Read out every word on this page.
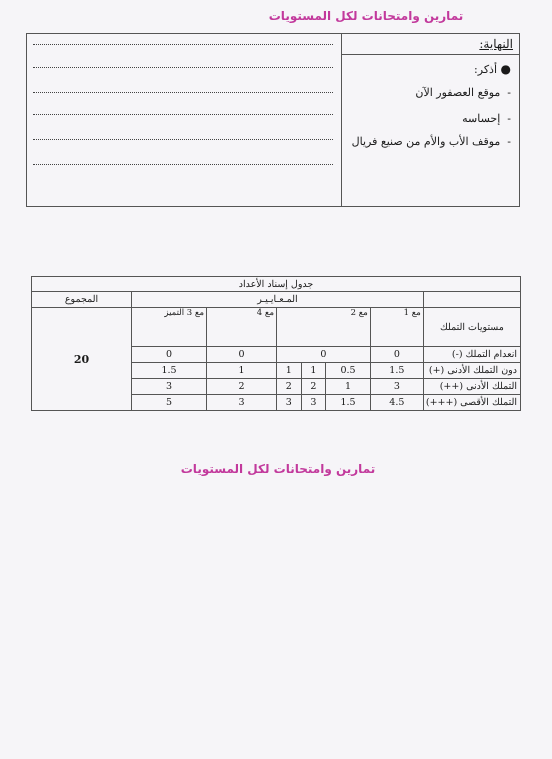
تمارين وامتحانات لكل المستويات
النهاية:
● أذكر:
-  موقع العصفور الآن
-  إحساسه
-  موقف الأب والأم من صنيع فريال
جدول إسناد الأعداد							
	المـعـايـيـر						المجموع
مستويات التملك	مع 1	مع 2			مع 4	مع 3 التميز	20
انعدام التملك (-)	0	0			0	0	
دون التملك الأدنى (+)	1.5	0.5	1	1	1	1.5	
التملك الأدنى (++)	3	1	2	2	2	3	
التملك الأقصى (+++)	4.5	1.5	3	3	3	5	
تمارين وامتحانات لكل المستويات
